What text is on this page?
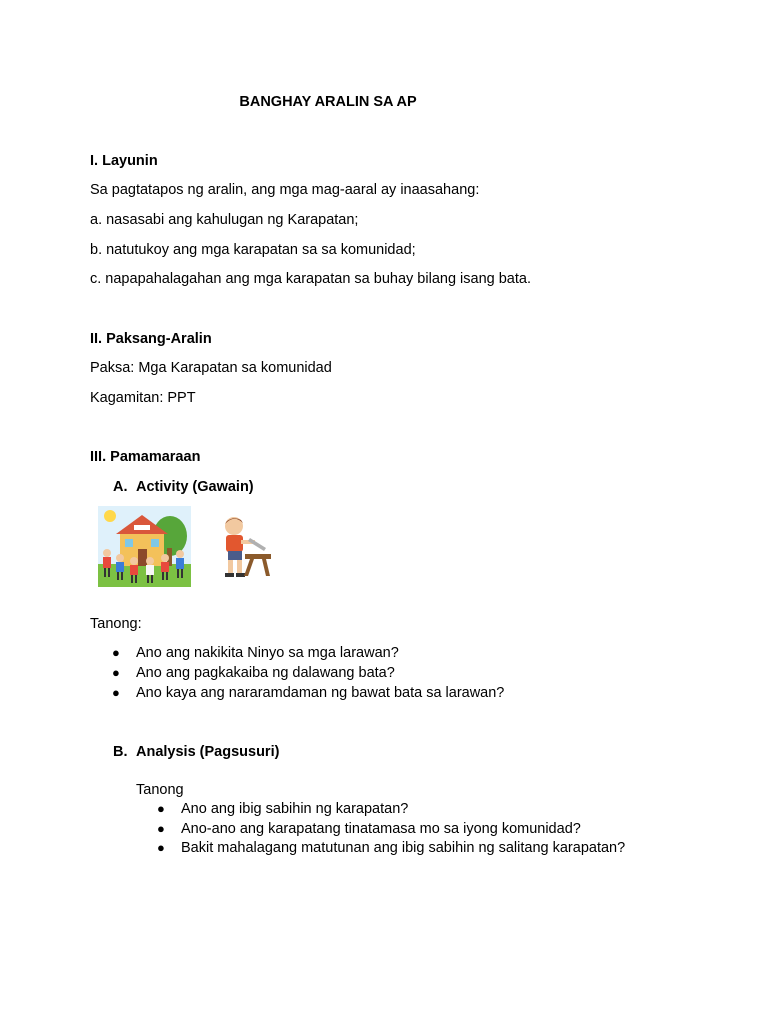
BANGHAY ARALIN SA AP
I. Layunin
Sa pagtatapos ng aralin, ang mga mag-aaral ay inaasahang:
a. nasasabi ang kahulugan ng Karapatan;
b. natutukoy ang mga karapatan sa sa komunidad;
c. napapahalagahan ang mga karapatan sa buhay bilang isang bata.
II. Paksang-Aralin
Paksa: Mga Karapatan sa komunidad
Kagamitan: PPT
III. Pamamaraan
A. Activity (Gawain)
Tanong:
● Ano ang nakikita Ninyo sa mga larawan?
● Ano ang pagkakaiba ng dalawang bata?
● Ano kaya ang nararamdaman ng bawat bata sa larawan?
B. Analysis (Pagsusuri)
Tanong
● Ano ang ibig sabihin ng karapatan?
● Ano-ano ang karapatang tinatamasa mo sa iyong komunidad?
● Bakit mahalagang matutunan ang ibig sabihin ng salitang karapatan?
